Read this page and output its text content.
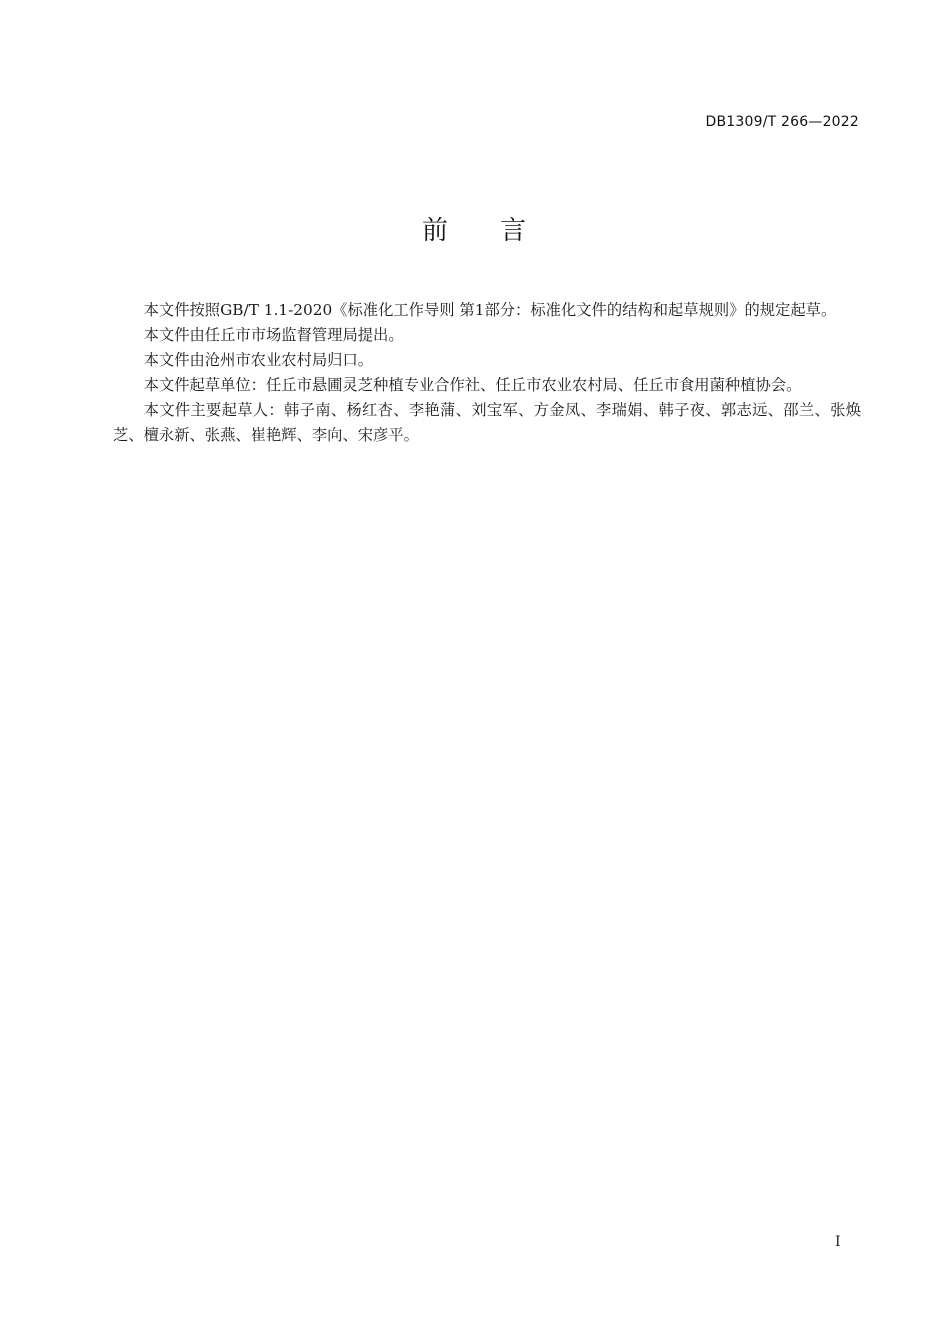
DB1309/T 266—2022
前 言

本文件按照GB/T 1.1-2020《标准化工作导则 第1部分：标准化文件的结构和起草规则》的规定起草。

本文件由任丘市市场监督管理局提出。

本文件由沧州市农业农村局归口。

本文件起草单位：任丘市悬圃灵芝种植专业合作社、任丘市农业农村局、任丘市食用菌种植协会。

本文件主要起草人：韩子南、杨红杏、李艳蒲、刘宝军、方金凤、李瑞娟、韩子夜、郭志远、邵兰、张焕芝、檀永新、张燕、崔艳辉、李向、宋彦平。

I
